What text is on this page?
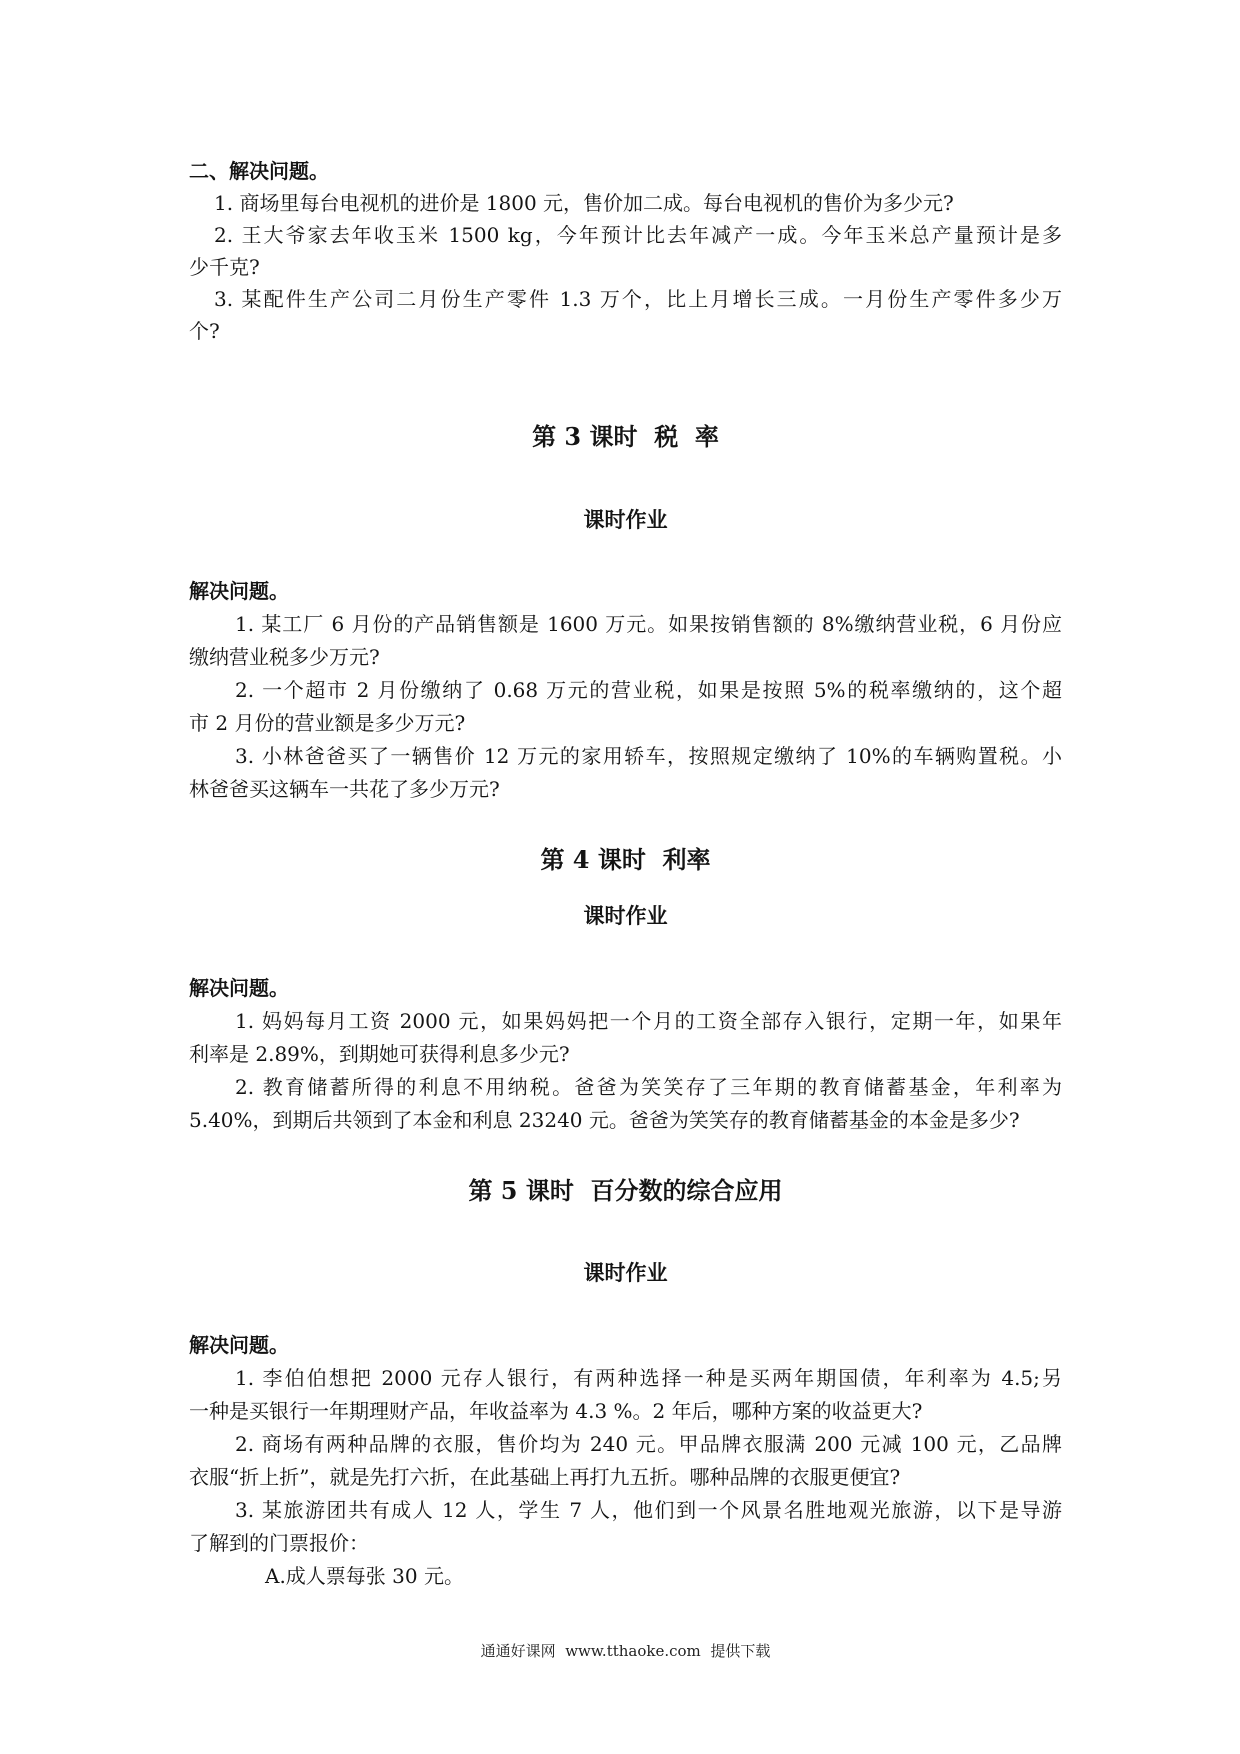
二、解决问题。
1. 商场里每台电视机的进价是 1800 元，售价加二成。每台电视机的售价为多少元?
2. 王大爷家去年收玉米 1500 kg，今年预计比去年减产一成。今年玉米总产量预计是多
少千克?
3. 某配件生产公司二月份生产零件 1.3 万个，比上月增长三成。一月份生产零件多少万
个?
第 3 课时  税  率
课时作业
解决问题。
1. 某工厂 6 月份的产品销售额是 1600 万元。如果按销售额的 8%缴纳营业税，6 月份应
缴纳营业税多少万元?
2. 一个超市 2 月份缴纳了 0.68 万元的营业税，如果是按照 5%的税率缴纳的，这个超
市 2 月份的营业额是多少万元?
3. 小林爸爸买了一辆售价 12 万元的家用轿车，按照规定缴纳了 10%的车辆购置税。小
林爸爸买这辆车一共花了多少万元?
第 4 课时  利率
课时作业
解决问题。
1. 妈妈每月工资 2000 元，如果妈妈把一个月的工资全部存入银行，定期一年，如果年
利率是 2.89%，到期她可获得利息多少元?
2. 教育储蓄所得的利息不用纳税。爸爸为笑笑存了三年期的教育储蓄基金，年利率为
5.40%，到期后共领到了本金和利息 23240 元。爸爸为笑笑存的教育储蓄基金的本金是多少?
第 5 课时  百分数的综合应用
课时作业
解决问题。
1. 李伯伯想把 2000 元存人银行，有两种选择一种是买两年期国债，年利率为 4.5;另
一种是买银行一年期理财产品，年收益率为 4.3 %。2 年后，哪种方案的收益更大?
2. 商场有两种品牌的衣服，售价均为 240 元。甲品牌衣服满 200 元减 100 元，乙品牌
衣服“折上折”，就是先打六折，在此基础上再打九五折。哪种品牌的衣服更便宜?
3. 某旅游团共有成人 12 人，学生 7 人，他们到一个风景名胜地观光旅游，以下是导游
了解到的门票报价：
A.成人票每张 30 元。
通通好课网  www.tthaoke.com  提供下载
